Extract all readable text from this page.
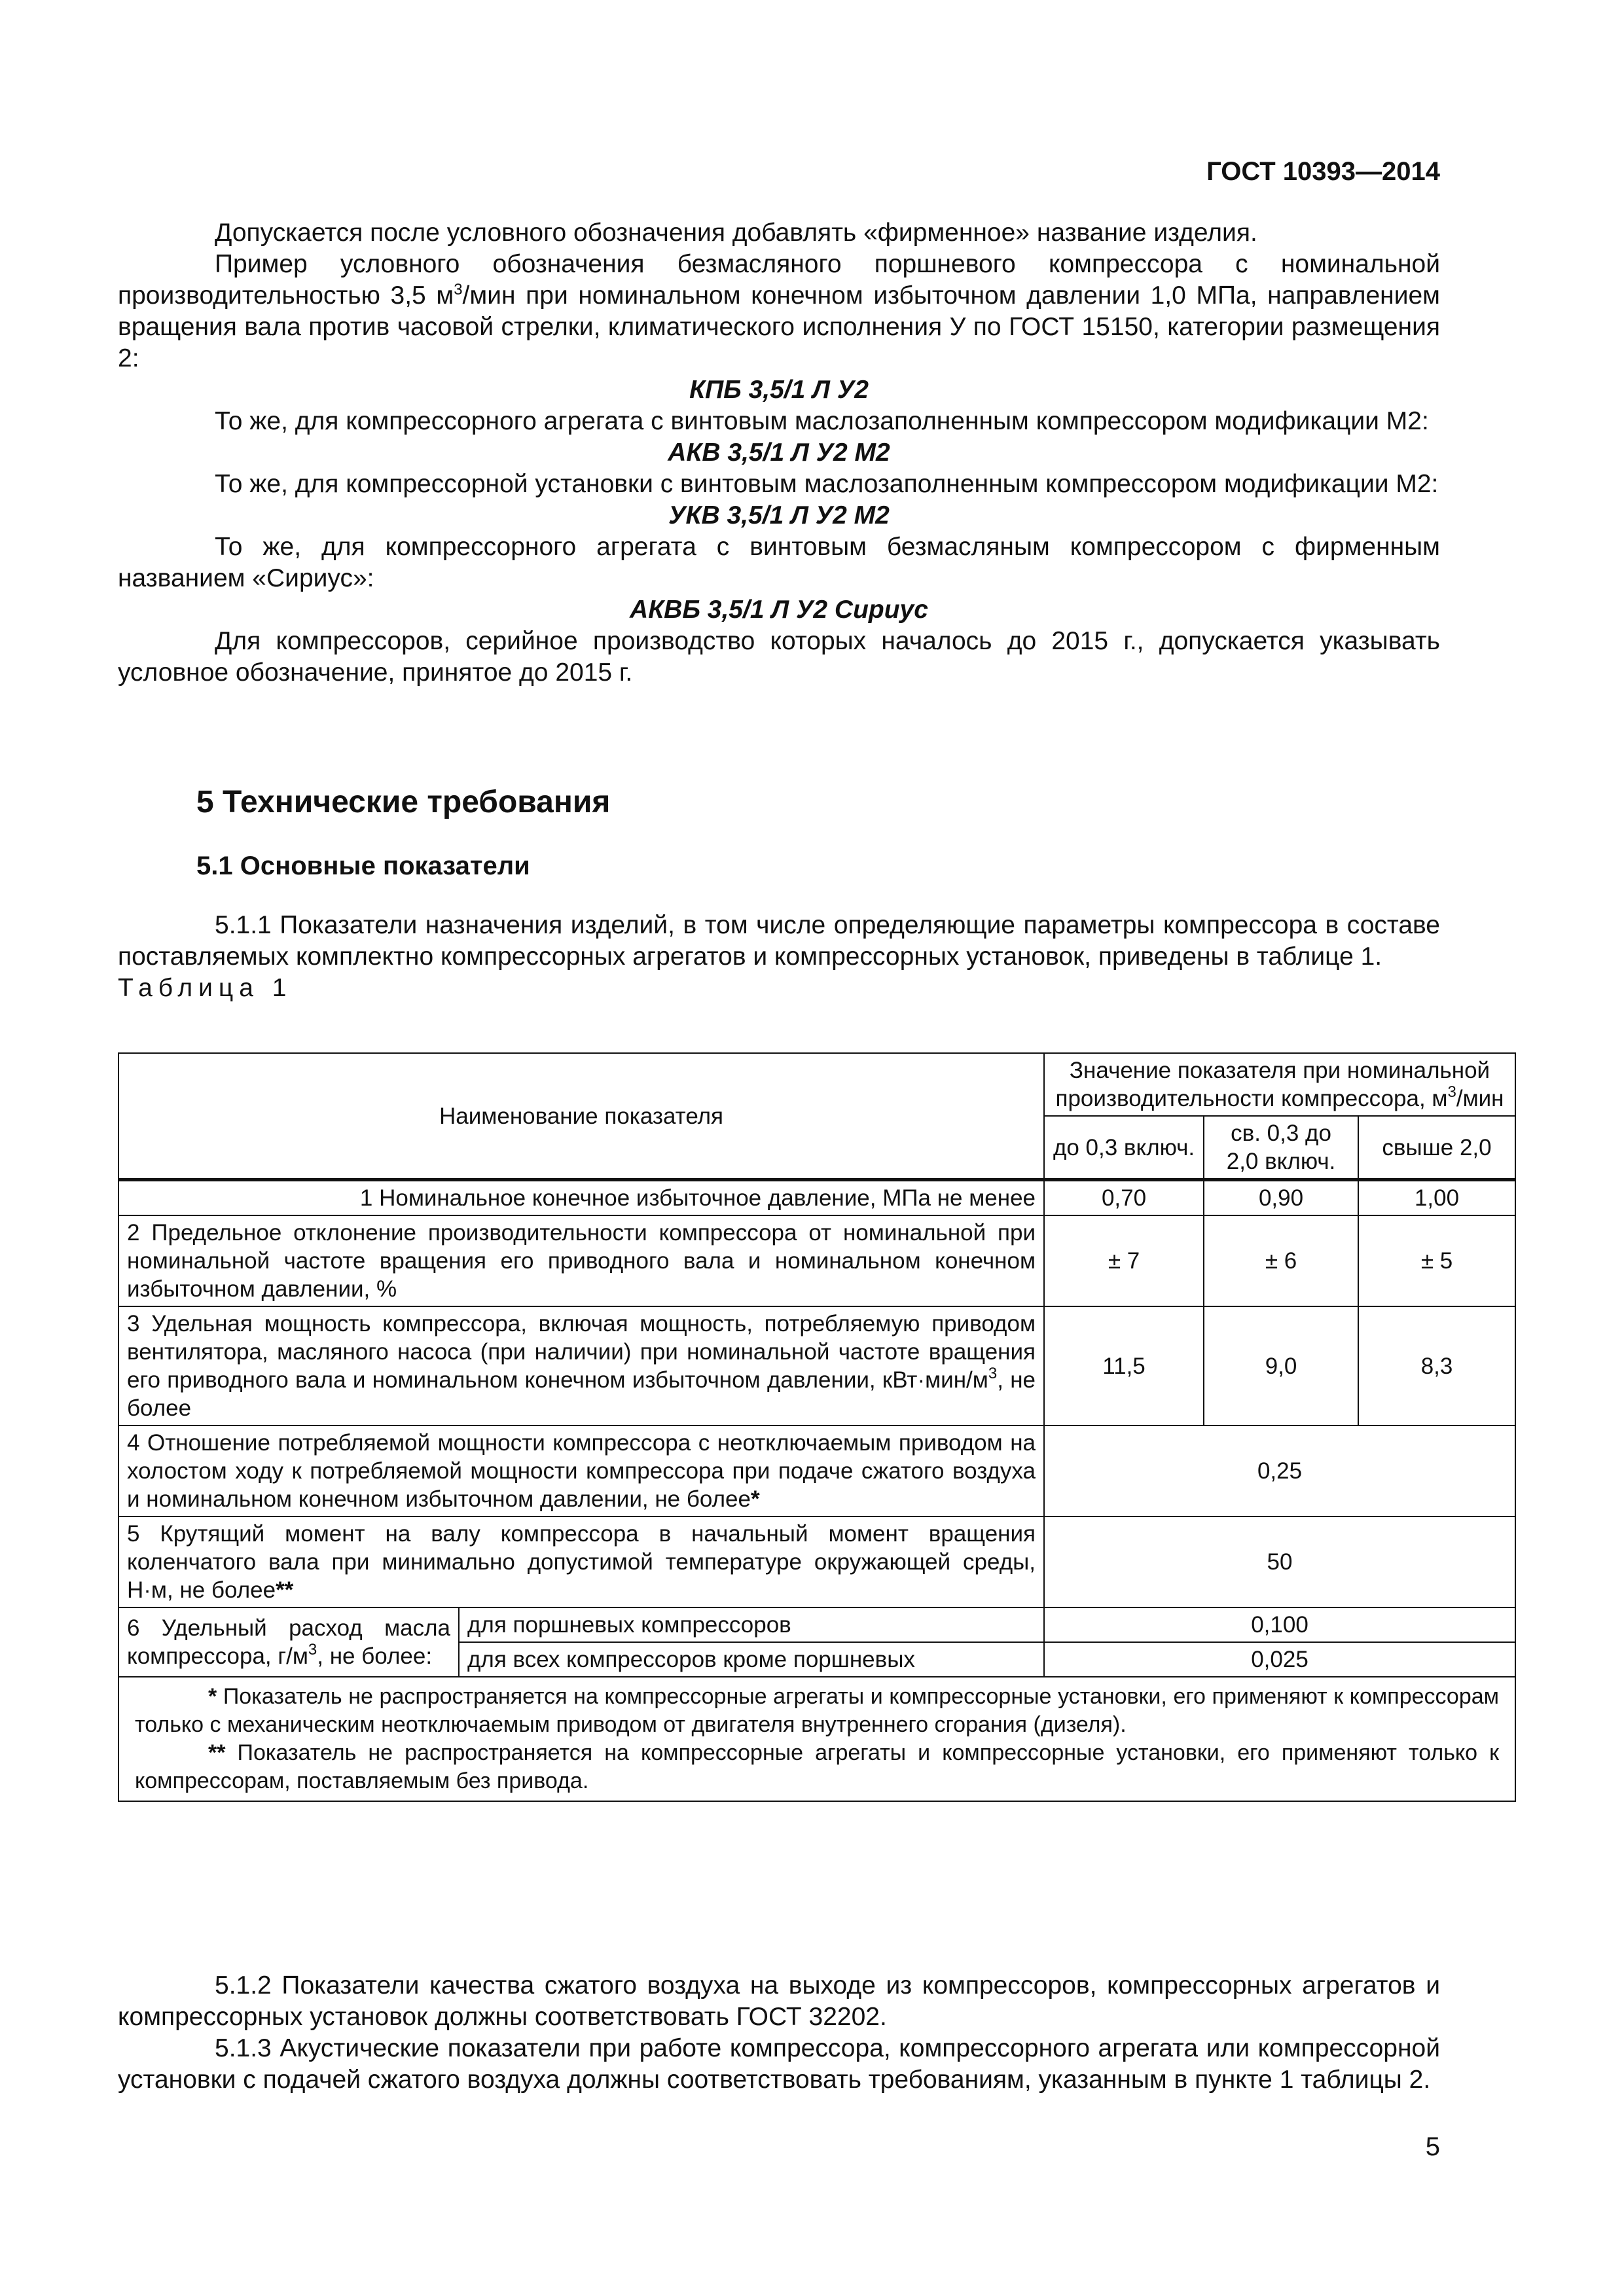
ГОСТ 10393—2014

Допускается после условного обозначения добавлять «фирменное» название изделия.

Пример условного обозначения безмасляного поршневого компрессора с номинальной производительностью 3,5 $м^3$/мин при номинальном конечном избыточном давлении 1,0 МПа, направлением вращения вала против часовой стрелки, климатического исполнения У по ГОСТ 15150, категории размещения 2:

КПБ 3,5/1 Л У2

То же, для компрессорного агрегата с винтовым маслозаполненным компрессором модификации М2:

АКВ 3,5/1 Л У2 М2

То же, для компрессорной установки с винтовым маслозаполненным компрессором модификации М2:

УКВ 3,5/1 Л У2 М2

То же, для компрессорного агрегата с винтовым безмасляным компрессором с фирменным названием «Сириус»:

АКВБ 3,5/1 Л У2 Сириус

Для компрессоров, серийное производство которых началось до 2015 г., допускается указывать условное обозначение, принятое до 2015 г.

5 Технические требования
5.1 Основные показатели

5.1.1 Показатели назначения изделий, в том числе определяющие параметры компрессора в составе поставляемых комплектно компрессорных агрегатов и компрессорных установок, приведены в таблице 1.

Таблица 1

Наименование показателя		Значение показателя при номинальной производительности компрессора, $м^3$/мин		
		до 0,3 включ.	св. 0,3 до 2,0 включ.	свыше 2,0
1 Номинальное конечное избыточное давление, МПа не менее		0,70	0,90	1,00
2 Предельное отклонение производительности компрессора от номинальной при номинальной частоте вращения его приводного вала и номинальном конечном избыточном давлении, %		± 7	± 6	± 5
3 Удельная мощность компрессора, включая мощность, потребляемую приводом вентилятора, масляного насоса (при наличии) при номинальной частоте вращения его приводного вала и номинальном конечном избыточном давлении, $кВт\cdot мин/м^3$, не более		11,5	9,0	8,3
4 Отношение потребляемой мощности компрессора с неотключаемым приводом на холостом ходу к потребляемой мощности компрессора при подаче сжатого воздуха и номинальном конечном избыточном давлении, не более*		0,25		
5 Крутящий момент на валу компрессора в начальный момент вращения коленчатого вала при минимально допустимой температуре окружающей среды, Н·м, не более**		50		
6 Удельный расход масла компрессора, $г/м^3$, не более:	для поршневых компрессоров	0,100		
	для всех компрессоров кроме поршневых	0,025		

* Показатель не распространяется на компрессорные агрегаты и компрессорные установки, его применяют к компрессорам только с механическим неотключаемым приводом от двигателя внутреннего сгорания (дизеля).

** Показатель не распространяется на компрессорные агрегаты и компрессорные установки, его применяют только к компрессорам, поставляемым без привода.				

5.1.2 Показатели качества сжатого воздуха на выходе из компрессоров, компрессорных агрегатов и компрессорных установок должны соответствовать ГОСТ 32202.

5.1.3 Акустические показатели при работе компрессора, компрессорного агрегата или компрессорной установки с подачей сжатого воздуха должны соответствовать требованиям, указанным в пункте 1 таблицы 2.

5
